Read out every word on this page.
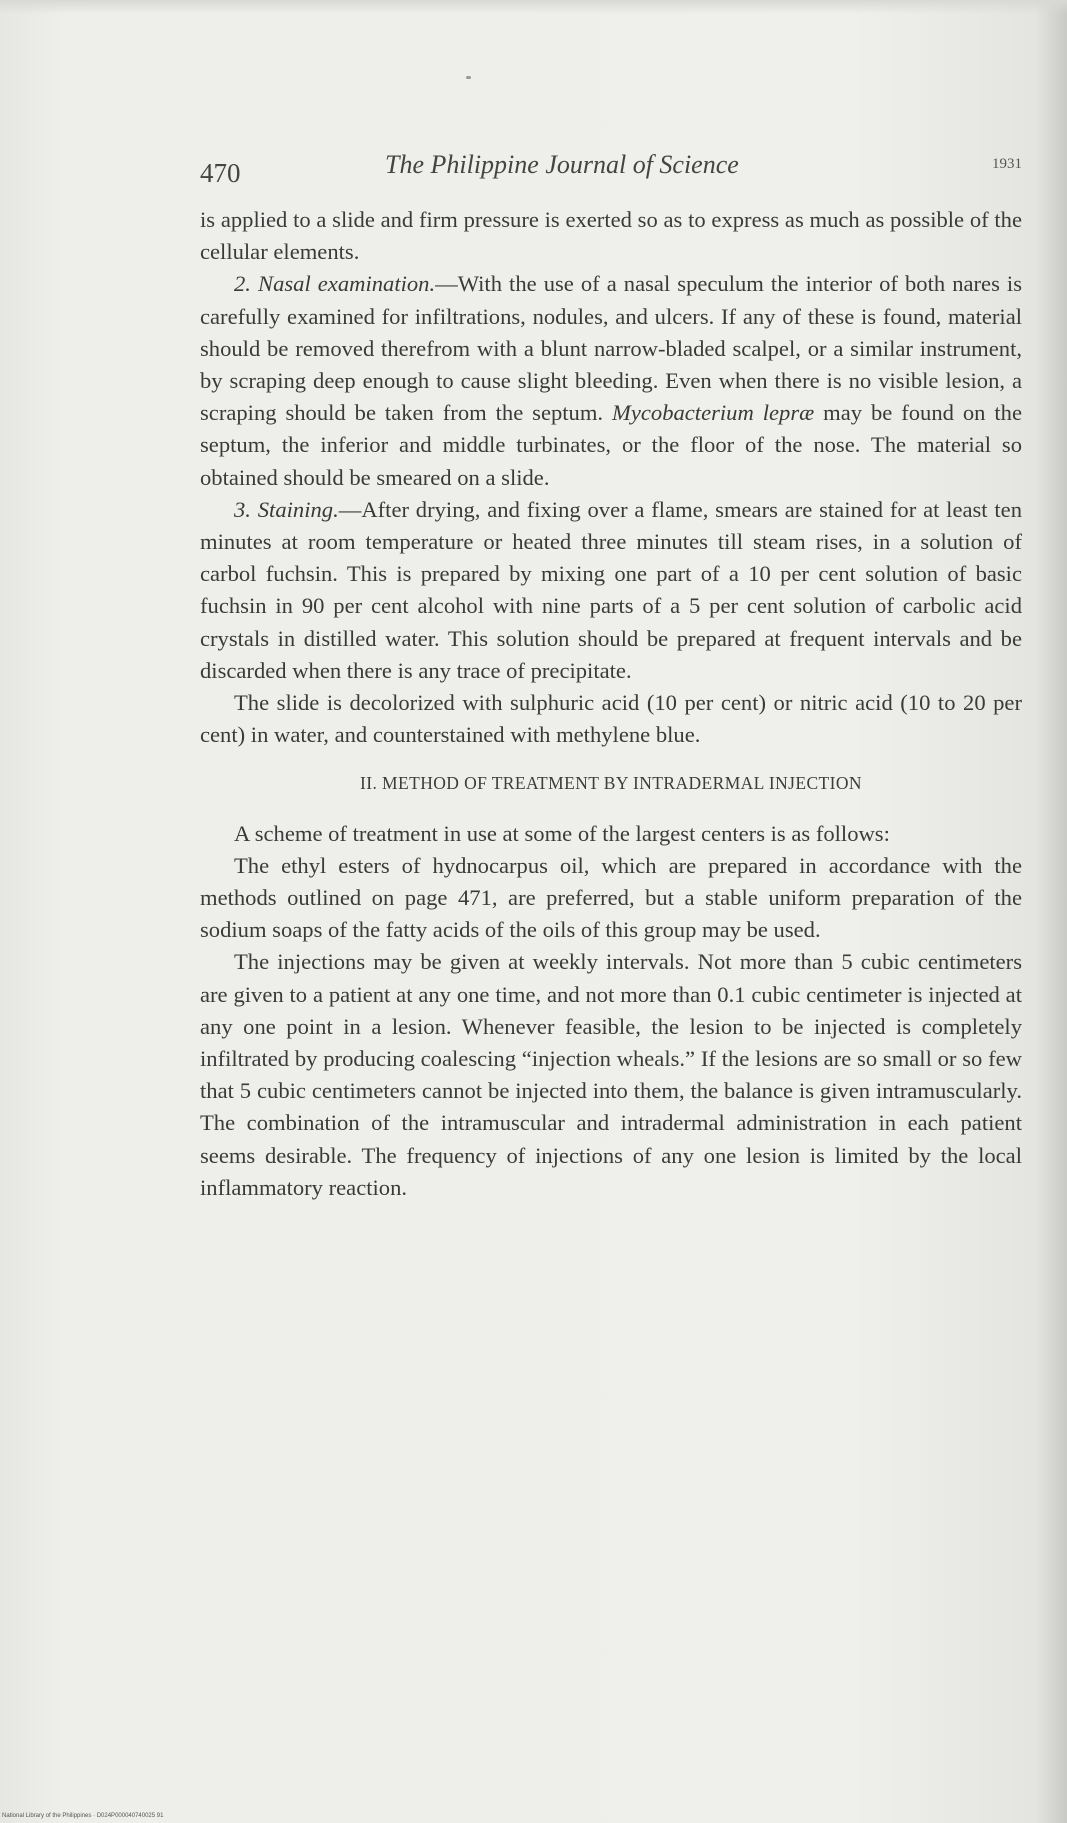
470	The Philippine Journal of Science	1931

is applied to a slide and firm pressure is exerted so as to express as much as possible of the cellular elements.

2. Nasal examination.—With the use of a nasal speculum the interior of both nares is carefully examined for infiltrations, nodules, and ulcers. If any of these is found, material should be removed therefrom with a blunt narrow-bladed scalpel, or a similar instrument, by scraping deep enough to cause slight bleeding. Even when there is no visible lesion, a scraping should be taken from the septum. Mycobacterium lepræ may be found on the septum, the inferior and middle turbinates, or the floor of the nose. The material so obtained should be smeared on a slide.

3. Staining.—After drying, and fixing over a flame, smears are stained for at least ten minutes at room temperature or heated three minutes till steam rises, in a solution of carbol fuchsin. This is prepared by mixing one part of a 10 per cent solution of basic fuchsin in 90 per cent alcohol with nine parts of a 5 per cent solution of carbolic acid crystals in distilled water. This solution should be prepared at frequent intervals and be discarded when there is any trace of precipitate.

The slide is decolorized with sulphuric acid (10 per cent) or nitric acid (10 to 20 per cent) in water, and counterstained with methylene blue.

II. METHOD OF TREATMENT BY INTRADERMAL INJECTION

A scheme of treatment in use at some of the largest centers is as follows:

The ethyl esters of hydnocarpus oil, which are prepared in accordance with the methods outlined on page 471, are preferred, but a stable uniform preparation of the sodium soaps of the fatty acids of the oils of this group may be used.

The injections may be given at weekly intervals. Not more than 5 cubic centimeters are given to a patient at any one time, and not more than 0.1 cubic centimeter is injected at any one point in a lesion. Whenever feasible, the lesion to be injected is completely infiltrated by producing coalescing “injection wheals.” If the lesions are so small or so few that 5 cubic centimeters cannot be injected into them, the balance is given intramuscularly. The combination of the intramuscular and intradermal administration in each patient seems desirable. The frequency of injections of any one lesion is limited by the local inflammatory reaction.

National Library of the Philippines · D024P000040740025 91
